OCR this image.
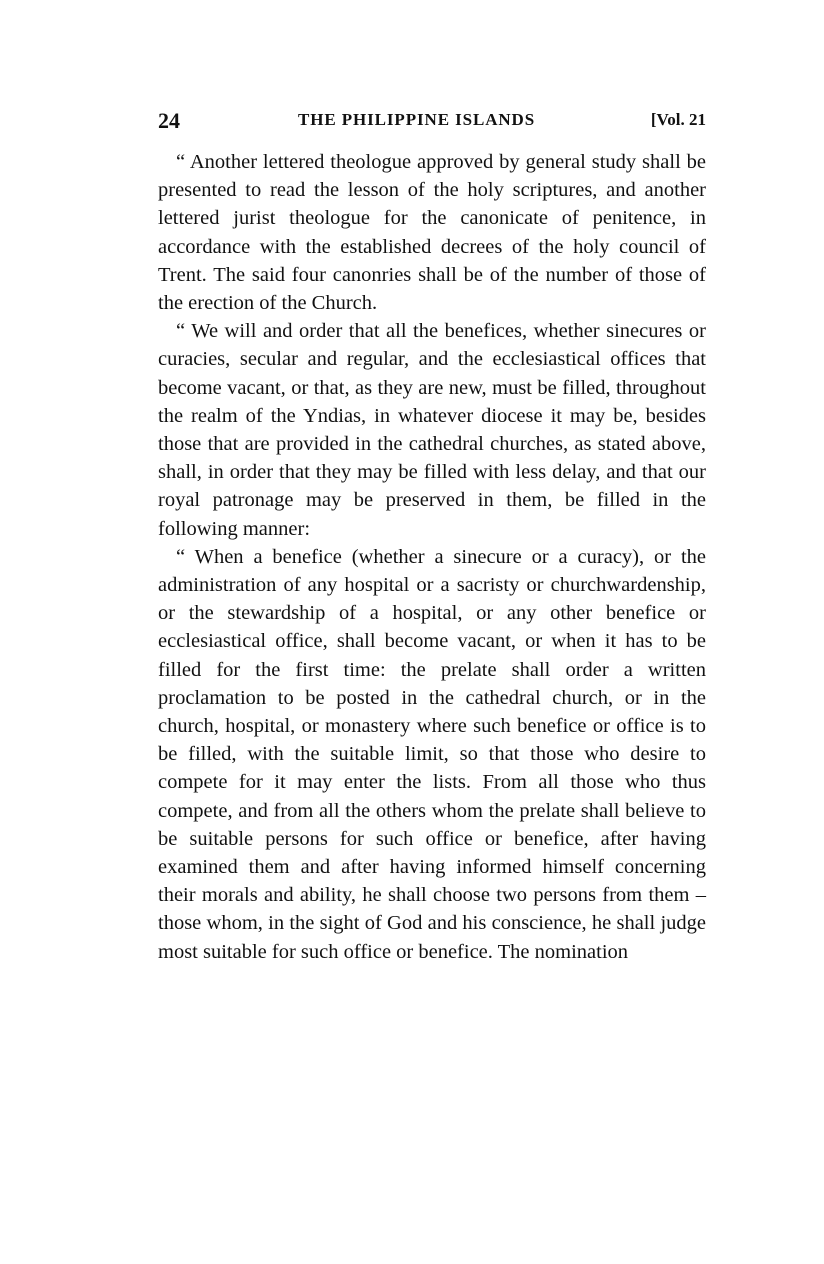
24	THE PHILIPPINE ISLANDS	[Vol. 21

“ Another lettered theologue approved by general study shall be presented to read the lesson of the holy scriptures, and another lettered jurist theologue for the canonicate of penitence, in accordance with the established decrees of the holy council of Trent. The said four canonries shall be of the number of those of the erection of the Church.

“ We will and order that all the benefices, whether sinecures or curacies, secular and regular, and the ecclesiastical offices that become vacant, or that, as they are new, must be filled, throughout the realm of the Yndias, in whatever diocese it may be, besides those that are provided in the cathedral churches, as stated above, shall, in order that they may be filled with less delay, and that our royal patronage may be preserved in them, be filled in the following manner:

“ When a benefice (whether a sinecure or a curacy), or the administration of any hospital or a sacristy or churchwardenship, or the stewardship of a hospital, or any other benefice or ecclesiastical office, shall become vacant, or when it has to be filled for the first time: the prelate shall order a written proclamation to be posted in the cathedral church, or in the church, hospital, or monastery where such benefice or office is to be filled, with the suitable limit, so that those who desire to compete for it may enter the lists. From all those who thus compete, and from all the others whom the prelate shall believe to be suitable persons for such office or benefice, after having examined them and after having informed himself concerning their morals and ability, he shall choose two persons from them – those whom, in the sight of God and his conscience, he shall judge most suitable for such office or benefice. The nomination
